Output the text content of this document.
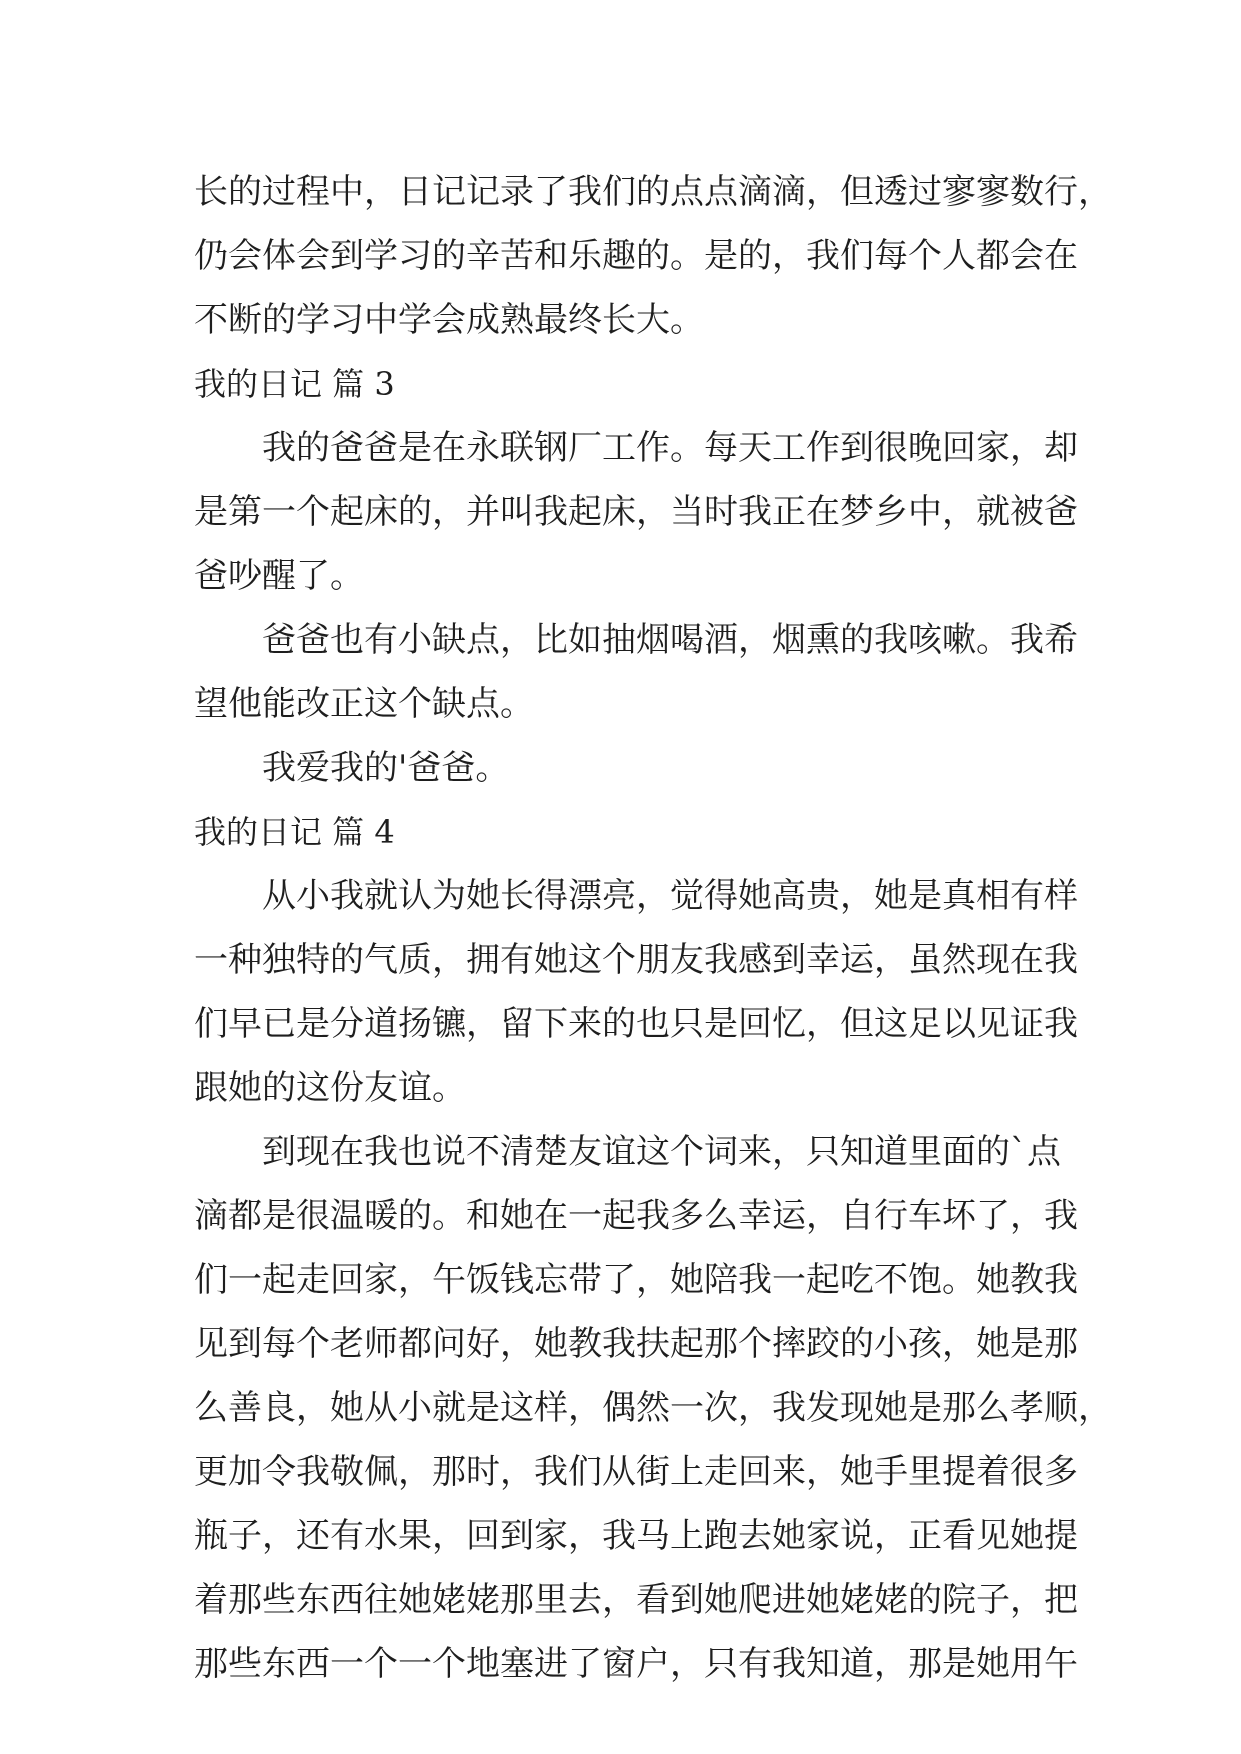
长的过程中，日记记录了我们的点点滴滴，但透过寥寥数行，
仍会体会到学习的辛苦和乐趣的。是的，我们每个人都会在
不断的学习中学会成熟最终长大。
我的日记 篇 3
我的爸爸是在永联钢厂工作。每天工作到很晚回家，却
是第一个起床的，并叫我起床，当时我正在梦乡中，就被爸
爸吵醒了。
爸爸也有小缺点，比如抽烟喝酒，烟熏的我咳嗽。我希
望他能改正这个缺点。
我爱我的'爸爸。
我的日记 篇 4
从小我就认为她长得漂亮，觉得她高贵，她是真相有样
一种独特的气质，拥有她这个朋友我感到幸运，虽然现在我
们早已是分道扬镳，留下来的也只是回忆，但这足以见证我
跟她的这份友谊。
到现在我也说不清楚友谊这个词来，只知道里面的`点
滴都是很温暖的。和她在一起我多么幸运，自行车坏了，我
们一起走回家，午饭钱忘带了，她陪我一起吃不饱。她教我
见到每个老师都问好，她教我扶起那个摔跤的小孩，她是那
么善良，她从小就是这样，偶然一次，我发现她是那么孝顺，
更加令我敬佩，那时，我们从街上走回来，她手里提着很多
瓶子，还有水果，回到家，我马上跑去她家说，正看见她提
着那些东西往她姥姥那里去，看到她爬进她姥姥的院子，把
那些东西一个一个地塞进了窗户，只有我知道，那是她用午
